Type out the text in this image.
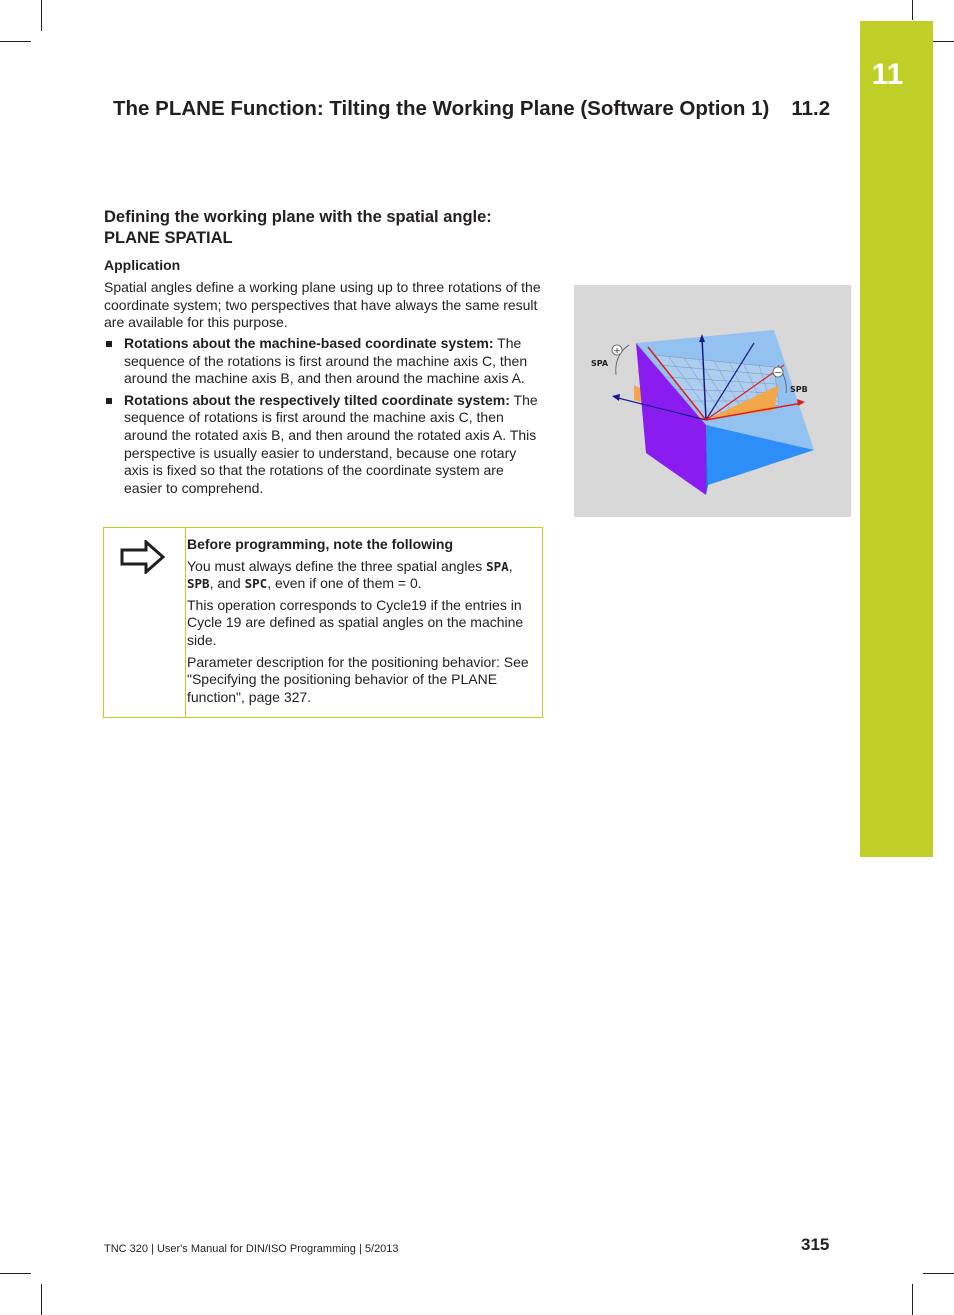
11
The PLANE Function: Tilting the Working Plane (Software Option 1) 11.2
Defining the working plane with the spatial angle:
PLANE SPATIAL
Application
Spatial angles define a working plane using up to three rotations of the coordinate system; two perspectives that have always the same result are available for this purpose.
Rotations about the machine-based coordinate system: The sequence of the rotations is first around the machine axis C, then around the machine axis B, and then around the machine axis A.
Rotations about the respectively tilted coordinate system: The sequence of rotations is first around the machine axis C, then around the rotated axis B, and then around the rotated axis A. This perspective is usually easier to understand, because one rotary axis is fixed so that the rotations of the coordinate system are easier to comprehend.
Before programming, note the following

You must always define the three spatial angles SPA, SPB, and SPC, even if one of them = 0.

This operation corresponds to Cycle19 if the entries in Cycle 19 are defined as spatial angles on the machine side.

Parameter description for the positioning behavior: See "Specifying the positioning behavior of the PLANE function", page 327.

+
SPA
−
SPB
TNC 320 | User's Manual for DIN/ISO Programming | 5/2013	315
